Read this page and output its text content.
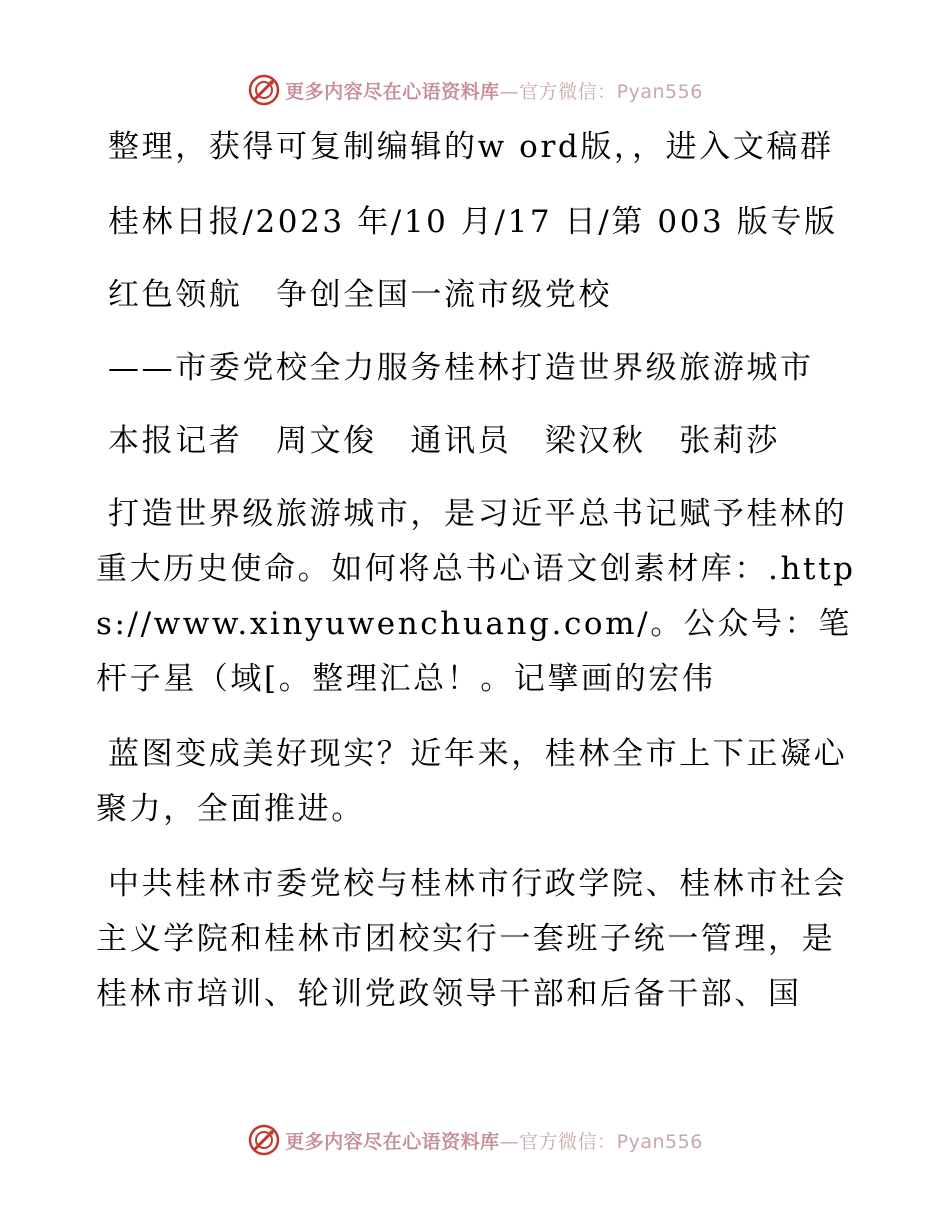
更多内容尽在心语资料库—官方微信：Pyan556

整理，获得可复制编辑的w ord版，，进入文稿群

桂林日报/2023 年/10 月/17 日/第 003 版专版

红色领航　争创全国一流市级党校

——市委党校全力服务桂林打造世界级旅游城市

本报记者　周文俊　通讯员　梁汉秋　张莉莎

打造世界级旅游城市，是习近平总书记赋予桂林的重大历史使命。如何将总书心语文创素材库：.https://www.xinyuwenchuang.com/。公众号：笔杆子星（域[。整理汇总！。记擘画的宏伟

蓝图变成美好现实？近年来，桂林全市上下正凝心聚力，全面推进。

中共桂林市委党校与桂林市行政学院、桂林市社会主义学院和桂林市团校实行一套班子统一管理，是桂林市培训、轮训党政领导干部和后备干部、国

更多内容尽在心语资料库—官方微信：Pyan556
